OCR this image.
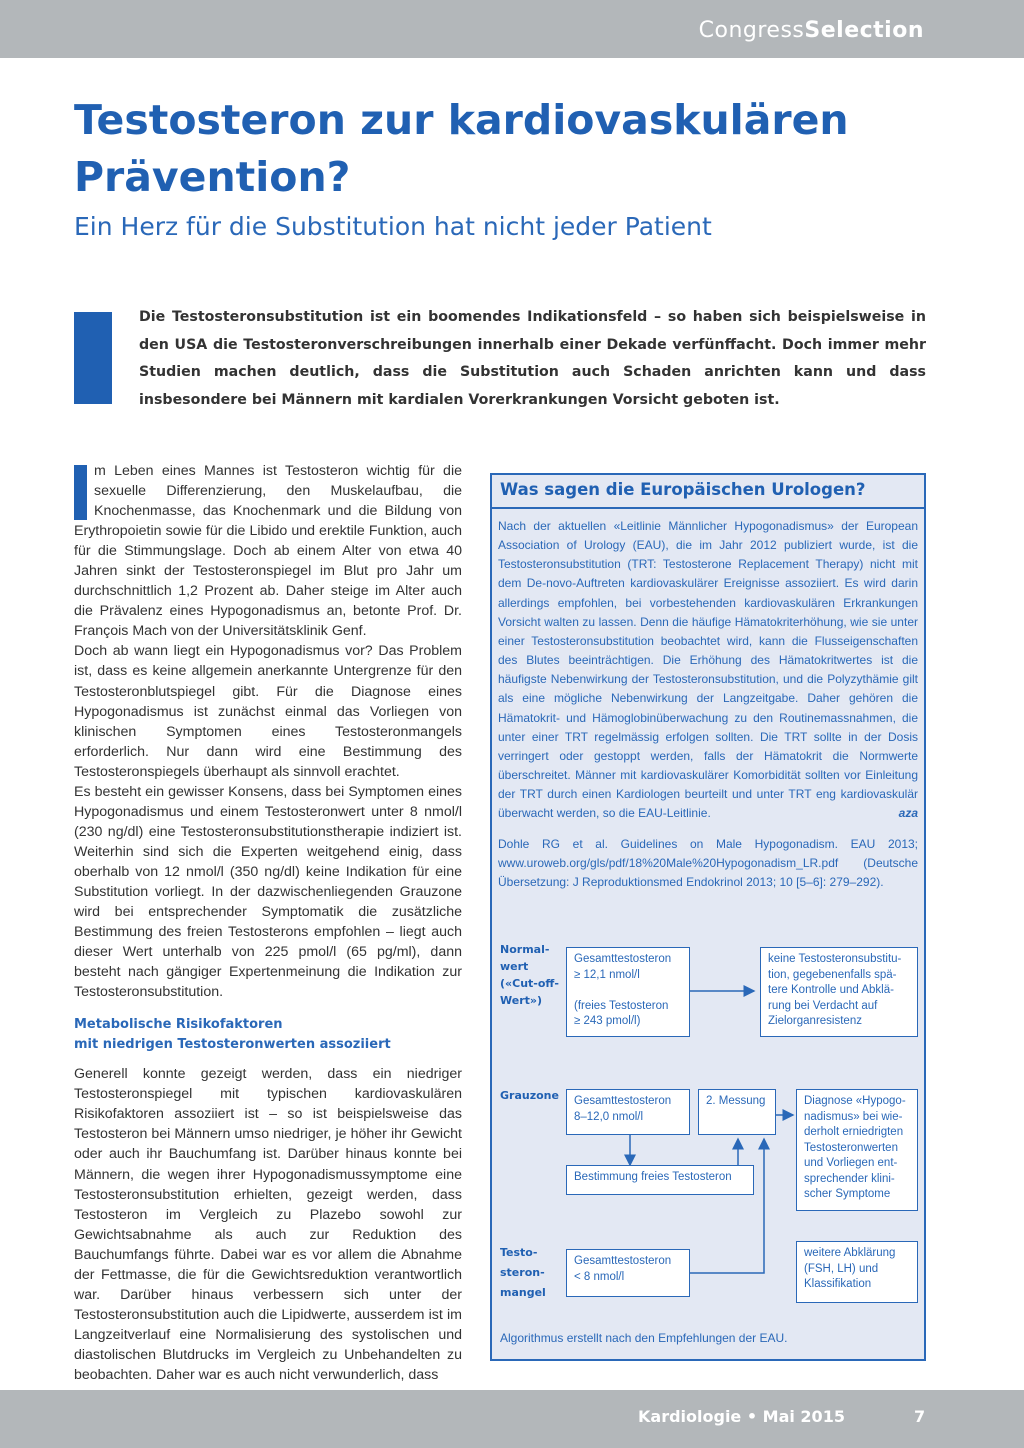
CongressSelection
Testosteron zur kardiovaskulären Prävention?
Ein Herz für die Substitution hat nicht jeder Patient

Die Testosteronsubstitution ist ein boomendes Indikationsfeld – so haben sich beispielsweise in den USA die Testosteronverschreibungen innerhalb einer Dekade verfünffacht. Doch immer mehr Studien machen deutlich, dass die Substitution auch Schaden anrichten kann und dass insbesondere bei Männern mit kardialen Vorerkrankungen Vorsicht geboten ist.

m Leben eines Mannes ist Testosteron wichtig für die sexuelle Differenzierung, den Muskelaufbau, die Knochenmasse, das Knochenmark und die Bildung von Erythropoietin sowie für die Libido und erektile Funktion, auch für die Stimmungslage. Doch ab einem Alter von etwa 40 Jahren sinkt der Testosteronspiegel im Blut pro Jahr um durchschnittlich 1,2 Prozent ab. Daher steige im Alter auch die Prävalenz eines Hypogonadismus an, betonte Prof. Dr. François Mach von der Universitätsklinik Genf.

Doch ab wann liegt ein Hypogonadismus vor? Das Problem ist, dass es keine allgemein anerkannte Untergrenze für den Testosteronblutspiegel gibt. Für die Diagnose eines Hypogonadismus ist zunächst einmal das Vorliegen von klinischen Symptomen eines Testosteronmangels erforderlich. Nur dann wird eine Bestimmung des Testosteronspiegels überhaupt als sinnvoll erachtet.

Es besteht ein gewisser Konsens, dass bei Symptomen eines Hypogonadismus und einem Testosteronwert unter 8 nmol/l (230 ng/dl) eine Testosteronsubstitutionstherapie indiziert ist. Weiterhin sind sich die Experten weitgehend einig, dass oberhalb von 12 nmol/l (350 ng/dl) keine Indikation für eine Substitution vorliegt. In der dazwischenliegenden Grauzone wird bei entsprechender Symptomatik die zusätzliche Bestimmung des freien Testosterons empfohlen – liegt auch dieser Wert unterhalb von 225 pmol/l (65 pg/ml), dann besteht nach gängiger Expertenmeinung die Indikation zur Testosteronsubstitution.

Metabolische Risikofaktoren
mit niedrigen Testosteronwerten assoziiert

Generell konnte gezeigt werden, dass ein niedriger Testosteronspiegel mit typischen kardiovaskulären Risikofaktoren assoziiert ist – so ist beispielsweise das Testosteron bei Männern umso niedriger, je höher ihr Gewicht oder auch ihr Bauchumfang ist. Darüber hinaus konnte bei Männern, die wegen ihrer Hypogonadismussymptome eine Testosteronsubstitution erhielten, gezeigt werden, dass Testosteron im Vergleich zu Plazebo sowohl zur Gewichtsabnahme als auch zur Reduktion des Bauchumfangs führte. Dabei war es vor allem die Abnahme der Fettmasse, die für die Gewichtsreduktion verantwortlich war. Darüber hinaus verbessern sich unter der Testosteronsubstitution auch die Lipidwerte, ausserdem ist im Langzeitverlauf eine Normalisierung des systolischen und diastolischen Blutdrucks im Vergleich zu Unbehandelten zu beobachten. Daher war es auch nicht verwunderlich, dass

Was sagen die Europäischen Urologen?

Nach der aktuellen «Leitlinie Männlicher Hypogonadismus» der European Association of Urology (EAU), die im Jahr 2012 publiziert wurde, ist die Testosteronsubstitution (TRT: Testosterone Replacement Therapy) nicht mit dem De-novo-Auftreten kardiovaskulärer Ereignisse assoziiert. Es wird darin allerdings empfohlen, bei vorbestehenden kardiovaskulären Erkrankungen Vorsicht walten zu lassen. Denn die häufige Hämatokriterhöhung, wie sie unter einer Testosteronsubstitution beobachtet wird, kann die Flusseigenschaften des Blutes beeinträchtigen. Die Erhöhung des Hämatokritwertes ist die häufigste Nebenwirkung der Testosteronsubstitution, und die Polyzythämie gilt als eine mögliche Nebenwirkung der Langzeitgabe. Daher gehören die Hämatokrit- und Hämoglobinüberwachung zu den Routinemassnahmen, die unter einer TRT regelmässig erfolgen sollten. Die TRT sollte in der Dosis verringert oder gestoppt werden, falls der Hämatokrit die Normwerte überschreitet. Männer mit kardiovaskulärer Komorbidität sollten vor Einleitung der TRT durch einen Kardiologen beurteilt und unter TRT eng kardiovaskulär überwacht werden, so die EAU-Leitlinie.	aza

Dohle RG et al. Guidelines on Male Hypogonadism. EAU 2013; www.uroweb.org/gls/pdf/18%20Male%20Hypogonadism_LR.pdf (Deutsche Übersetzung: J Reproduktionsmed Endokrinol 2013; 10 [5–6]: 279–292).

Normal-
wert
(«Cut-off-
Wert»)
Grauzone
Testo-
steron-
mangel
Gesamttestosteron
≥ 12,1 nmol/l

(freies Testosteron
≥ 243 pmol/l)
keine Testosteronsubstitu-
tion, gegebenenfalls spä-
tere Kontrolle und Abklä-
rung bei Verdacht auf
Zielorganresistenz
Gesamttestosteron
8–12,0 nmol/l
2. Messung	Diagnose «Hypogo-
nadismus» bei wie-
derholt erniedrigten
Testosteronwerten
und Vorliegen ent-
sprechender klini-
scher Symptome
Bestimmung freies Testosteron
Gesamttestosteron
< 8 nmol/l
weitere Abklärung
(FSH, LH) und
Klassifikation
Algorithmus erstellt nach den Empfehlungen der EAU.
Kardiologie • Mai 2015	7
